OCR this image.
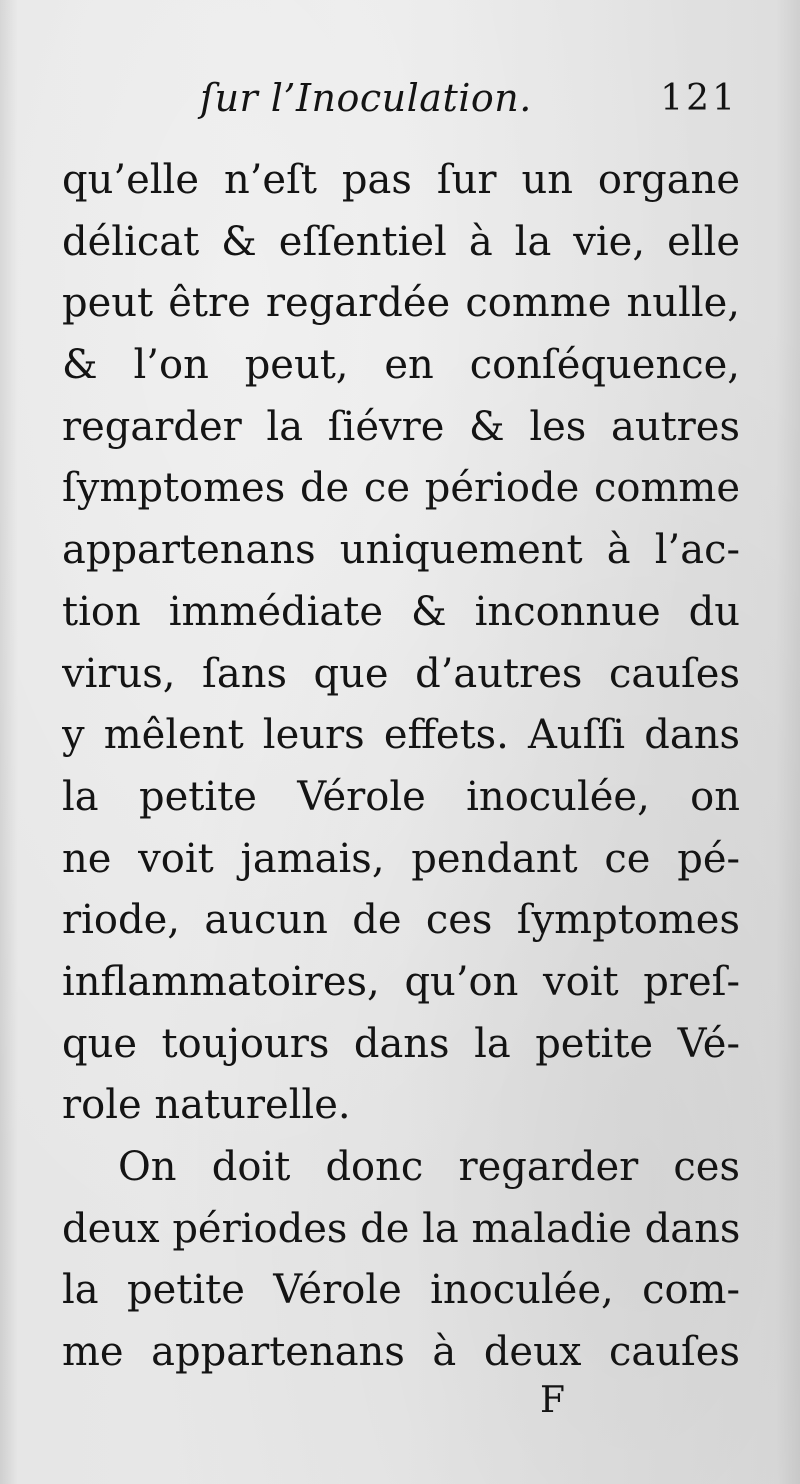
ſur l’Inoculation.	121
qu’elle n’eſt pas ſur un organe
délicat & eſſentiel à la vie, elle
peut être regardée comme nulle,
& l’on peut, en conſéquence,
regarder la ſiévre & les autres
ſymptomes de ce période comme
appartenans uniquement à l’ac-
tion immédiate & inconnue du
virus, ſans que d’autres cauſes
y mêlent leurs effets. Auſſi dans
la petite Vérole inoculée, on
ne voit jamais, pendant ce pé-
riode, aucun de ces ſymptomes
inflammatoires, qu’on voit preſ-
que toujours dans la petite Vé-
role naturelle.
On doit donc regarder ces
deux périodes de la maladie dans
la petite Vérole inoculée, com-
me appartenans à deux cauſes
F
